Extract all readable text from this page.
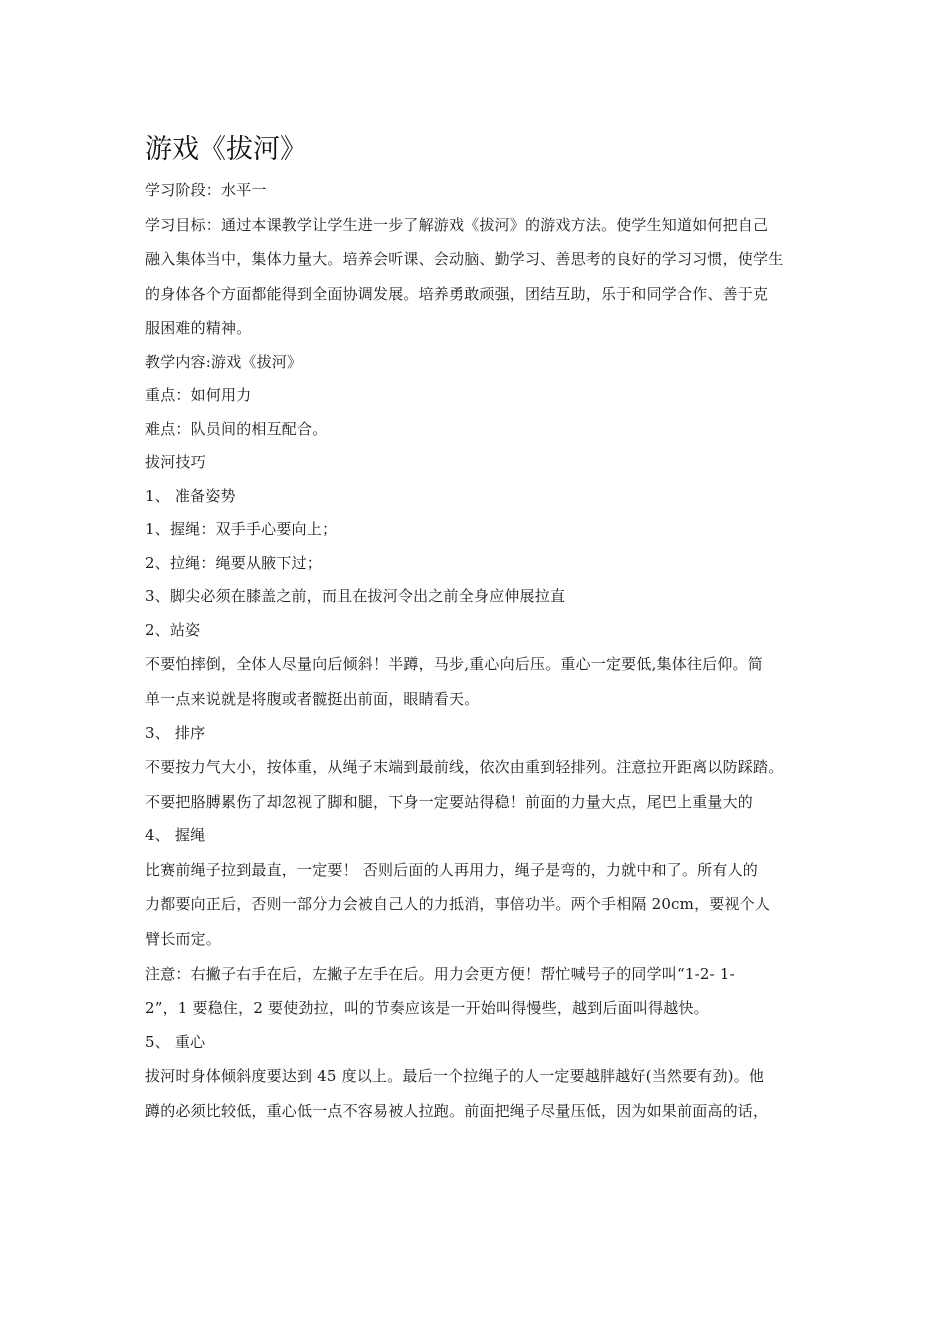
游戏《拔河》

学习阶段：水平一

学习目标：通过本课教学让学生进一步了解游戏《拔河》的游戏方法。使学生知道如何把自己

融入集体当中，集体力量大。培养会听课、会动脑、勤学习、善思考的良好的学习习惯，使学生

的身体各个方面都能得到全面协调发展。培养勇敢顽强，团结互助，乐于和同学合作、善于克

服困难的精神。

教学内容:游戏《拔河》

重点：如何用力

难点：队员间的相互配合。

拔河技巧

1、 准备姿势

1、握绳：双手手心要向上；

2、拉绳：绳要从腋下过；

3、脚尖必须在膝盖之前，而且在拔河令出之前全身应伸展拉直

2、站姿

不要怕摔倒，全体人尽量向后倾斜！半蹲，马步,重心向后压。重心一定要低,集体往后仰。简

单一点来说就是将腹或者髋挺出前面，眼睛看天。

3、 排序

不要按力气大小，按体重，从绳子末端到最前线，依次由重到轻排列。注意拉开距离以防踩踏。

不要把胳膊累伤了却忽视了脚和腿，下身一定要站得稳！前面的力量大点，尾巴上重量大的

4、 握绳

比赛前绳子拉到最直，一定要！ 否则后面的人再用力，绳子是弯的，力就中和了。所有人的

力都要向正后，否则一部分力会被自己人的力抵消，事倍功半。两个手相隔 20cm，要视个人

臂长而定。

注意：右撇子右手在后，左撇子左手在后。用力会更方便！帮忙喊号子的同学叫“1-2- 1-

2”，1 要稳住，2 要使劲拉，叫的节奏应该是一开始叫得慢些，越到后面叫得越快。

5、 重心

拔河时身体倾斜度要达到 45 度以上。最后一个拉绳子的人一定要越胖越好(当然要有劲)。他

蹲的必须比较低，重心低一点不容易被人拉跑。前面把绳子尽量压低，因为如果前面高的话，
